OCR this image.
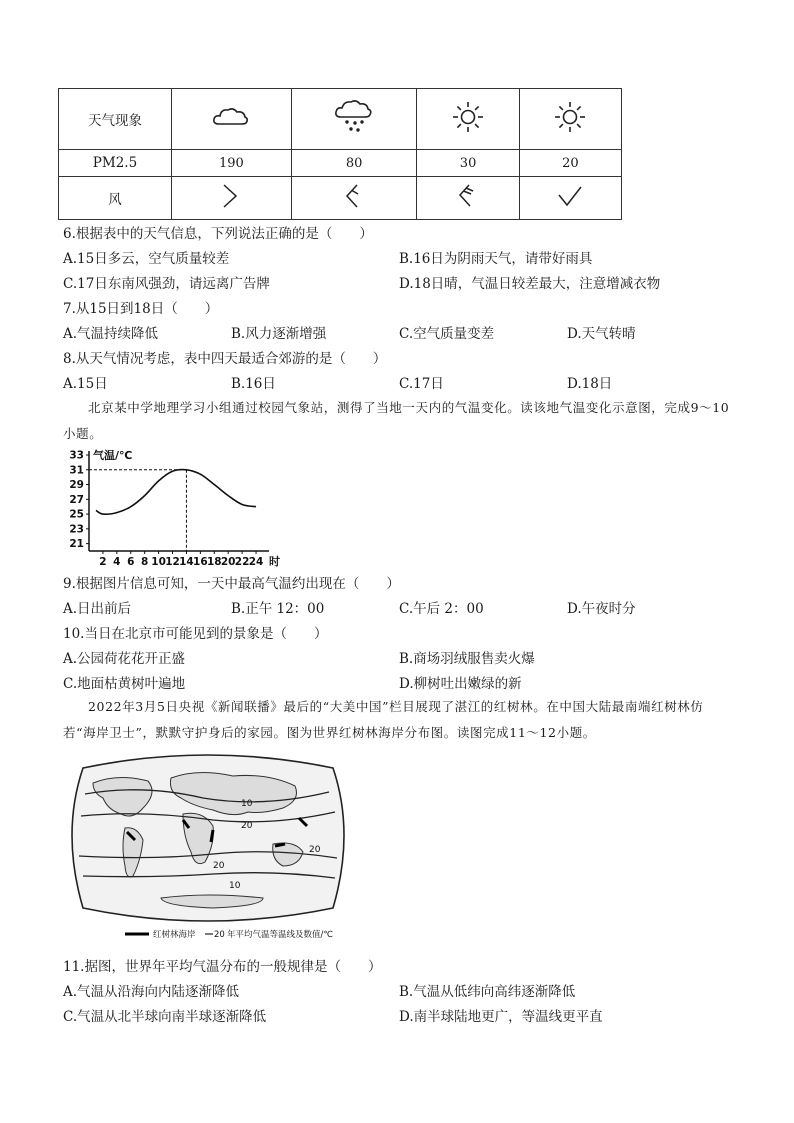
天气现象				
PM2.5	190	80	30	20
风				
6.根据表中的天气信息，下列说法正确的是（　　）
A.15日多云，空气质量较差	B.16日为阴雨天气，请带好雨具
C.17日东南风强劲，请远离广告牌	D.18日晴，气温日较差最大，注意增减衣物
7.从15日到18日（　　）
A.气温持续降低	B.风力逐渐增强	C.空气质量变差	D.天气转晴
8.从天气情况考虑，表中四天最适合郊游的是（　　）
A.15日	B.16日	C.17日	D.18日
北京某中学地理学习小组通过校园气象站，测得了当地一天内的气温变化。读该地气温变化示意图，完成9～10小题。
21
23
25
27
29
31
33
2 4 6 8 10 12 14 16 18 20 22 24
气温/℃
时
9.根据图片信息可知，一天中最高气温约出现在（　　）
A.日出前后	B.正午 12：00	C.午后 2：00	D.午夜时分
10.当日在北京市可能见到的景象是（　　）
A.公园荷花花开正盛	B.商场羽绒服售卖火爆
C.地面枯黄树叶遍地	D.柳树吐出嫩绿的新
2022年3月5日央视《新闻联播》最后的“大美中国”栏目展现了湛江的红树林。在中国大陆最南端红树林仿若“海岸卫士”，默默守护身后的家园。图为世界红树林海岸分布图。读图完成11～12小题。
10
20
20
20
10
红树林海岸 20 年平均气温等温线及数值/℃
11.据图，世界年平均气温分布的一般规律是（　　）
A.气温从沿海向内陆逐渐降低	B.气温从低纬向高纬逐渐降低
C.气温从北半球向南半球逐渐降低	D.南半球陆地更广，等温线更平直
